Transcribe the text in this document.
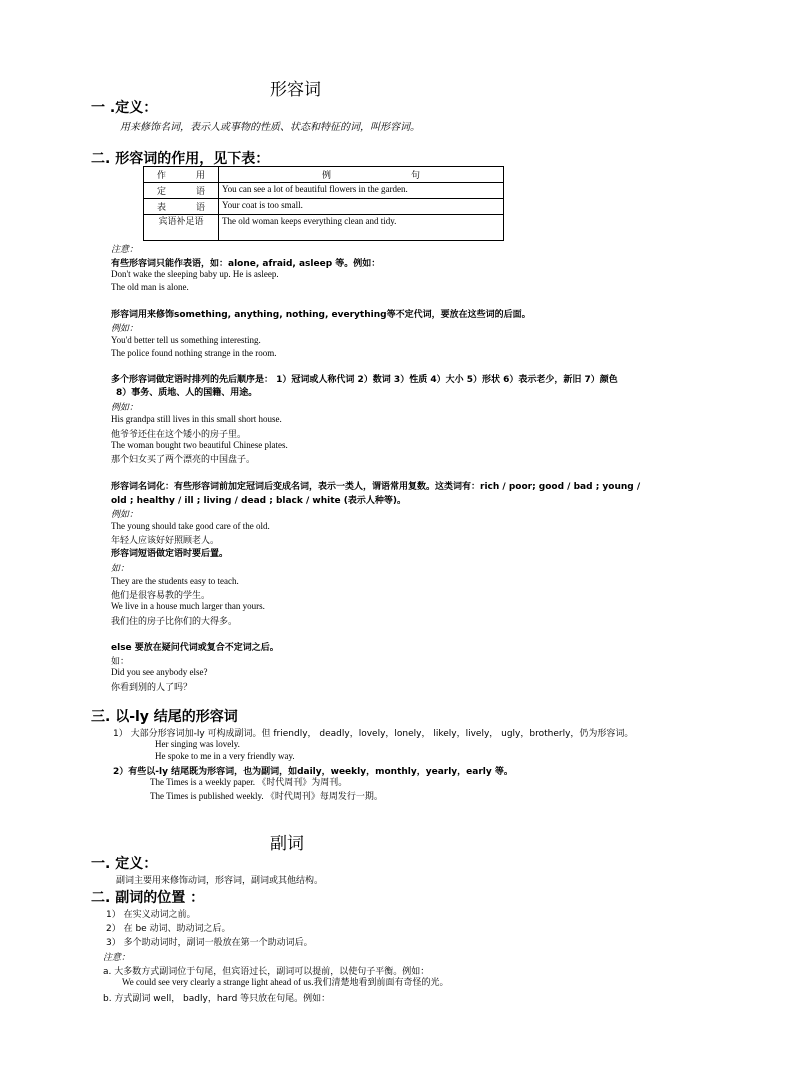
形容词
一 .定义：
用来修饰名词，表示人或事物的性质、状态和特征的词，叫形容词。
二. 形容词的作用，见下表：
作 用	例 句

定 语	You can see a lot of beautiful flowers in the garden.

表 语	Your coat is too small.
宾语补足语	The old woman keeps everything clean and tidy.
注意：
有些形容词只能作表语，如：alone, afraid, asleep 等。例如：
Don't wake the sleeping baby up. He is asleep.
The old man is alone.
形容词用来修饰something, anything, nothing, everything等不定代词，要放在这些词的后面。
例如：
You'd better tell us something interesting.
The police found nothing strange in the room.
多个形容词做定语时排列的先后顺序是： 1）冠词或人称代词 2）数词 3）性质 4）大小 5）形状 6）表示老少，新旧 7）颜色
8）事务、质地、人的国籍、用途。
例如：
His grandpa still lives in this small short house.
他爷爷还住在这个矮小的房子里。
The woman bought two beautiful Chinese plates.
那个妇女买了两个漂亮的中国盘子。
形容词名词化：有些形容词前加定冠词后变成名词，表示一类人，谓语常用复数。这类词有：rich / poor; good / bad ; young /
old ; healthy / ill ; living / dead ; black / white (表示人种等)。
例如：
The young should take good care of the old.
年轻人应该好好照顾老人。
形容词短语做定语时要后置。
如：
They are the students easy to teach.
他们是很容易教的学生。
We live in a house much larger than yours.
我们住的房子比你们的大得多。
else 要放在疑问代词或复合不定词之后。
如：
Did you see anybody else?
你看到别的人了吗？
三. 以-ly 结尾的形容词
1） 大部分形容词加-ly 可构成副词。但 friendly， deadly，lovely，lonely， likely，lively， ugly，brotherly，仍为形容词。
Her singing was lovely.
He spoke to me in a very friendly way.
2）有些以-ly 结尾既为形容词，也为副词，如daily，weekly，monthly，yearly，early 等。
The Times is a weekly paper. 《时代周刊》为周刊。
The Times is published weekly. 《时代周刊》每周发行一期。
副词
一. 定义：
副词主要用来修饰动词，形容词，副词或其他结构。
二. 副词的位置 ：
1） 在实义动词之前。
2） 在 be 动词、助动词之后。
3） 多个助动词时，副词一般放在第一个助动词后。
注意：
a. 大多数方式副词位于句尾，但宾语过长，副词可以提前，以使句子平衡。例如：
We could see very clearly a strange light ahead of us.我们清楚地看到前面有奇怪的光。
b. 方式副词 well， badly，hard 等只放在句尾。例如：
